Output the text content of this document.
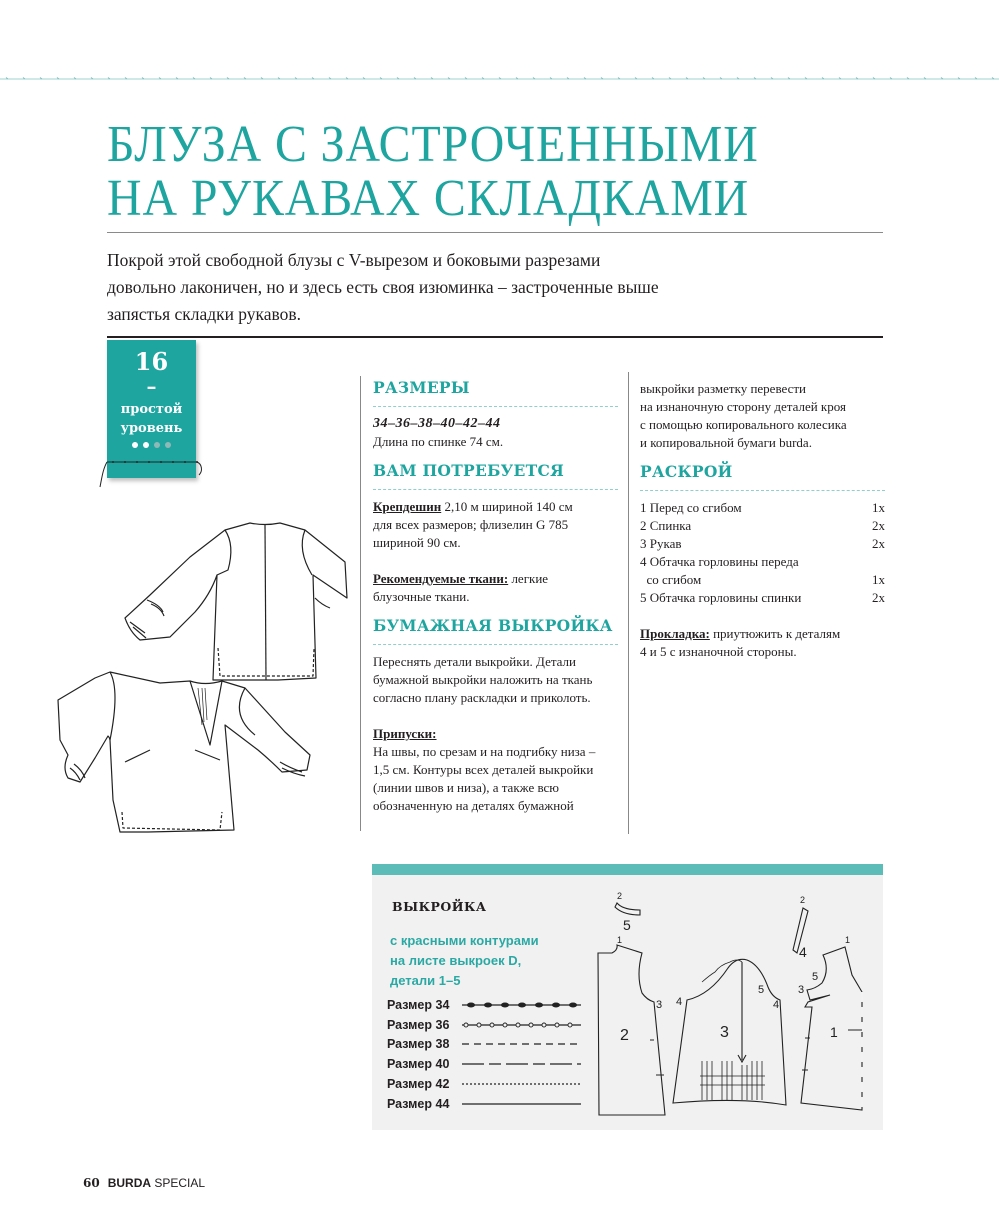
БЛУЗА С ЗАСТРОЧЕННЫМИ
НА РУКАВАХ СКЛАДКАМИ
Покрой этой свободной блузы с V-вырезом и боковыми разрезами
довольно лаконичен, но и здесь есть своя изюминка – застроченные выше
запястья складки рукавов.
16
–
простой
уровень
РАЗМЕРЫ

34–36–38–40–42–44

Длина по спинке 74 см.

ВАМ ПОТРЕБУЕТСЯ

Крепдешин 2,10 м шириной 140 см

для всех размеров; флизелин G 785

шириной 90 см.

Рекомендуемые ткани: легкие

блузочные ткани.

БУМАЖНАЯ ВЫКРОЙКА

Переснять детали выкройки. Детали

бумажной выкройки наложить на ткань

согласно плану раскладки и приколоть.

Припуски:

На швы, по срезам и на подгибку низа –

1,5 см. Контуры всех деталей выкройки

(линии швов и низа), а также всю

обозначенную на деталях бумажной

выкройки разметку перевести

на изнаночную сторону деталей кроя

с помощью копировального колесика

и копировальной бумаги burda.

РАСКРОЙ
1 Перед со сгибом	1x
2 Спинка	2x
3 Рукав	2x
4 Обтачка горловины переда
со сгибом	1x
5 Обтачка горловины спинки	2x

Прокладка: приутюжить к деталям

4 и 5 с изнаночной стороны.

ВЫКРОЙКА
с красными контурами
на листе выкроек D,
детали 1–5
Размер 34
Размер 36
Размер 38
Размер 40
Размер 42
Размер 44
1
3
2
2
5
4	4
5
3
2
4
1
5
3
1
60 BURDA SPECIAL
